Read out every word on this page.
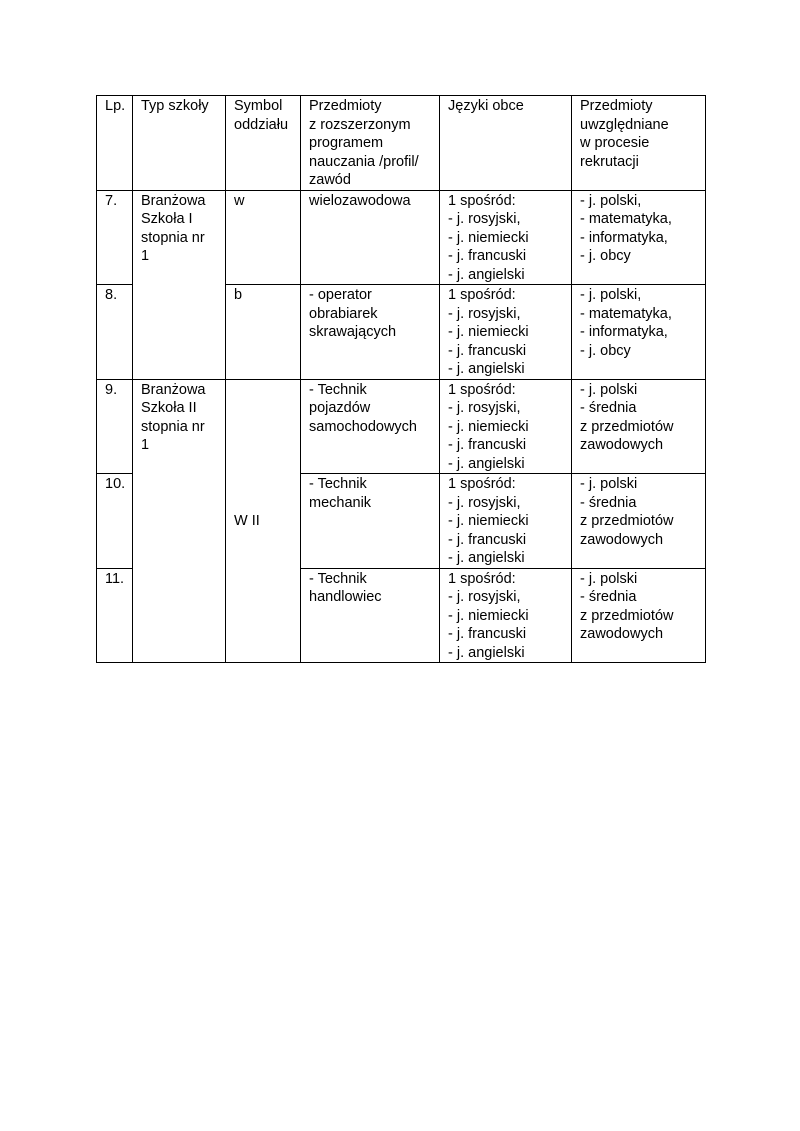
Lp.	Typ szkoły	Symbol
oddziału	Przedmioty
z rozszerzonym
programem
nauczania /profil/
zawód	Języki obce	Przedmioty
uwzględniane
w procesie
rekrutacji

7.	Branżowa
Szkoła I
stopnia nr
1	w	wielozawodowa	1 spośród:
- j. rosyjski,
- j. niemiecki
- j. francuski
- j. angielski	- j. polski,
- matematyka,
- informatyka,
- j. obcy

8.		b	- operator
obrabiarek
skrawających	1 spośród:
- j. rosyjski,
- j. niemiecki
- j. francuski
- j. angielski	- j. polski,
- matematyka,
- informatyka,
- j. obcy

9.	Branżowa
Szkoła II
stopnia nr
1	W II	- Technik
pojazdów
samochodowych	1 spośród:
- j. rosyjski,
- j. niemiecki
- j. francuski
- j. angielski	- j. polski
- średnia
z przedmiotów
zawodowych

10.			- Technik
mechanik	1 spośród:
- j. rosyjski,
- j. niemiecki
- j. francuski
- j. angielski	- j. polski
- średnia
z przedmiotów
zawodowych

11.			- Technik
handlowiec	1 spośród:
- j. rosyjski,
- j. niemiecki
- j. francuski
- j. angielski	- j. polski
- średnia
z przedmiotów
zawodowych
